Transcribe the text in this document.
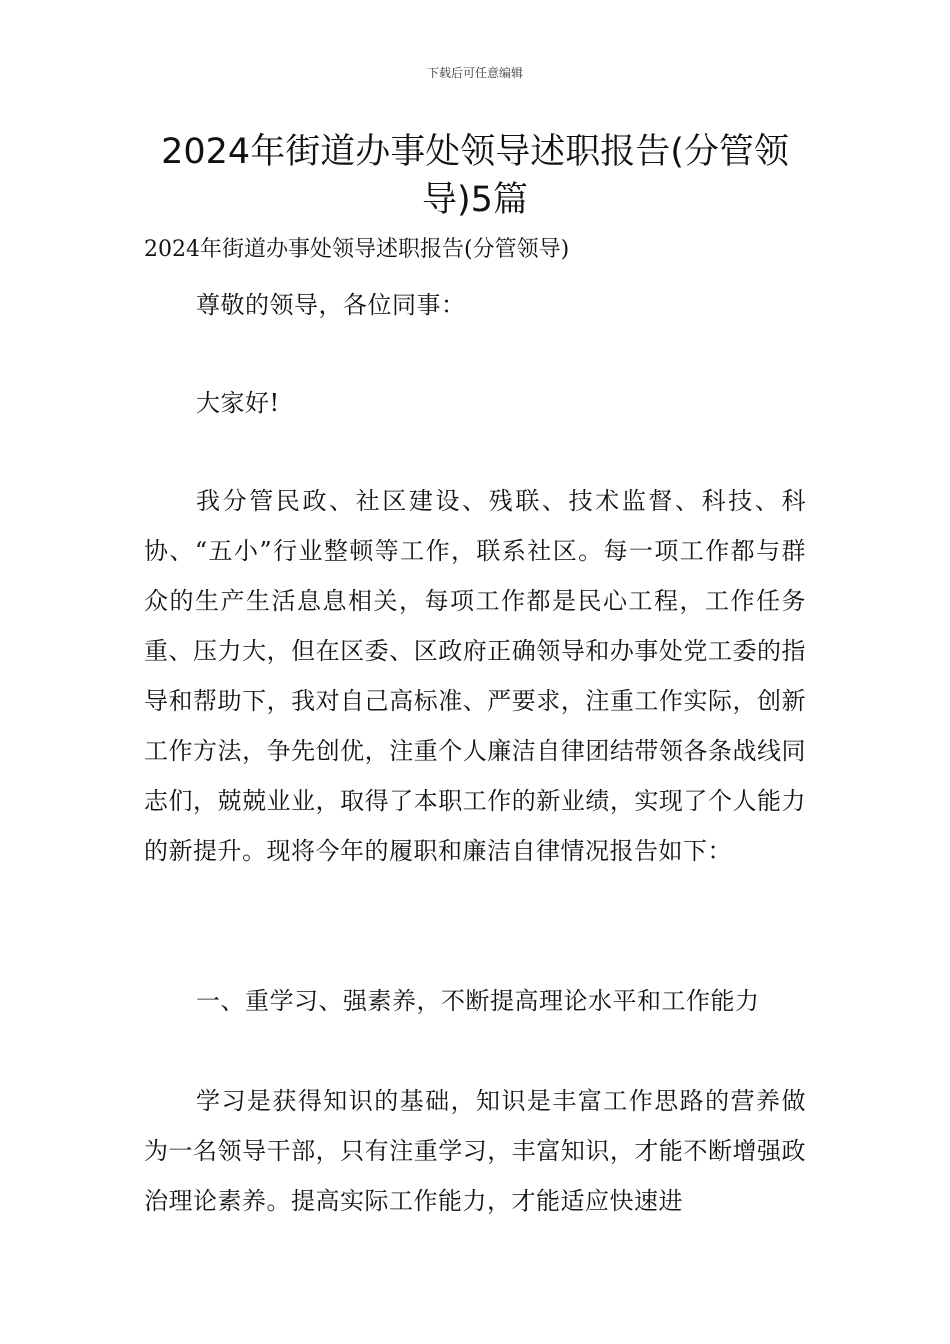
下载后可任意编辑
2024年街道办事处领导述职报告(分管领导)5篇
2024年街道办事处领导述职报告(分管领导)

尊敬的领导，各位同事：

大家好!

我分管民政、社区建设、残联、技术监督、科技、科协、“五小”行业整顿等工作，联系社区。每一项工作都与群众的生产生活息息相关，每项工作都是民心工程，工作任务重、压力大，但在区委、区政府正确领导和办事处党工委的指导和帮助下，我对自己高标准、严要求，注重工作实际，创新工作方法，争先创优，注重个人廉洁自律团结带领各条战线同志们，兢兢业业，取得了本职工作的新业绩，实现了个人能力的新提升。现将今年的履职和廉洁自律情况报告如下：

一、重学习、强素养，不断提高理论水平和工作能力

学习是获得知识的基础，知识是丰富工作思路的营养做为一名领导干部，只有注重学习，丰富知识，才能不断增强政治理论素养。提高实际工作能力，才能适应快速进
